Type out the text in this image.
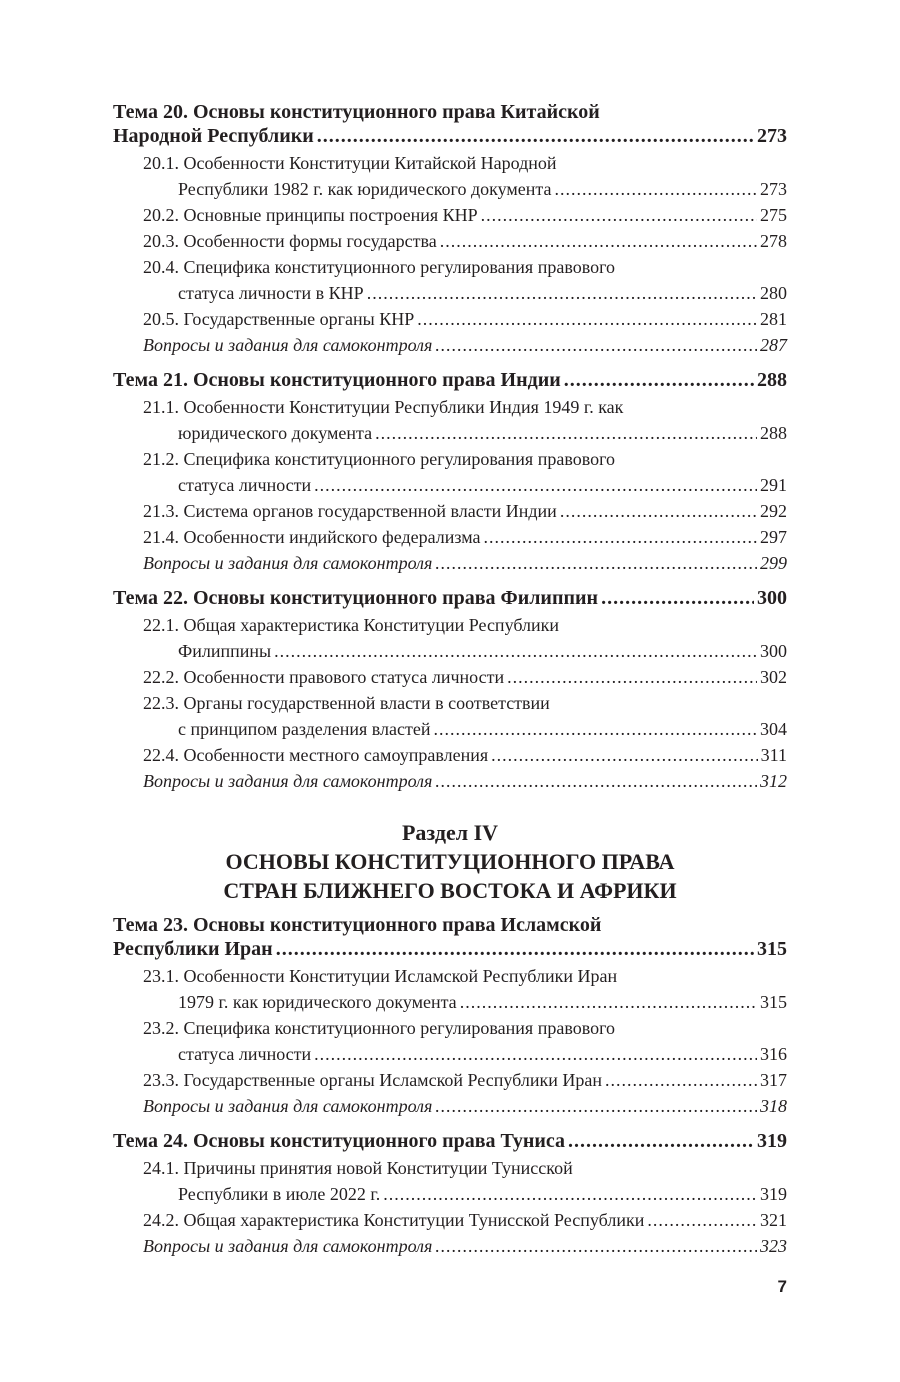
Тема 20. Основы конституционного права Китайской
Народной Республики .....	273
20.1. Особенности Конституции Китайской Народной
Республики 1982 г. как юридического документа .....	273
20.2. Основные принципы построения КНР .....	275
20.3. Особенности формы государства .....	278
20.4. Специфика конституционного регулирования правового
статуса личности в КНР .....	280
20.5. Государственные органы КНР .....	281
Вопросы и задания для самоконтроля .....	287
Тема 21. Основы конституционного права Индии .....	288
21.1. Особенности Конституции Республики Индия 1949 г. как
юридического документа .....	288
21.2. Специфика конституционного регулирования правового
статуса личности .....	291
21.3. Система органов государственной власти Индии .....	292
21.4. Особенности индийского федерализма .....	297
Вопросы и задания для самоконтроля .....	299
Тема 22. Основы конституционного права Филиппин .....	300
22.1. Общая характеристика Конституции Республики
Филиппины .....	300
22.2. Особенности правового статуса личности .....	302
22.3. Органы государственной власти в соответствии
с принципом разделения властей .....	304
22.4. Особенности местного самоуправления .....	311
Вопросы и задания для самоконтроля .....	312
Раздел IV
ОСНОВЫ КОНСТИТУЦИОННОГО ПРАВА
СТРАН БЛИЖНЕГО ВОСТОКА И АФРИКИ
Тема 23. Основы конституционного права Исламской
Республики Иран .....	315
23.1. Особенности Конституции Исламской Республики Иран
1979 г. как юридического документа .....	315
23.2. Специфика конституционного регулирования правового
статуса личности .....	316
23.3. Государственные органы Исламской Республики Иран .....	317
Вопросы и задания для самоконтроля .....	318
Тема 24. Основы конституционного права Туниса .....	319
24.1. Причины принятия новой Конституции Тунисской
Республики в июле 2022 г. .....	319
24.2. Общая характеристика Конституции Тунисской Республики .....	321
Вопросы и задания для самоконтроля .....	323
7
